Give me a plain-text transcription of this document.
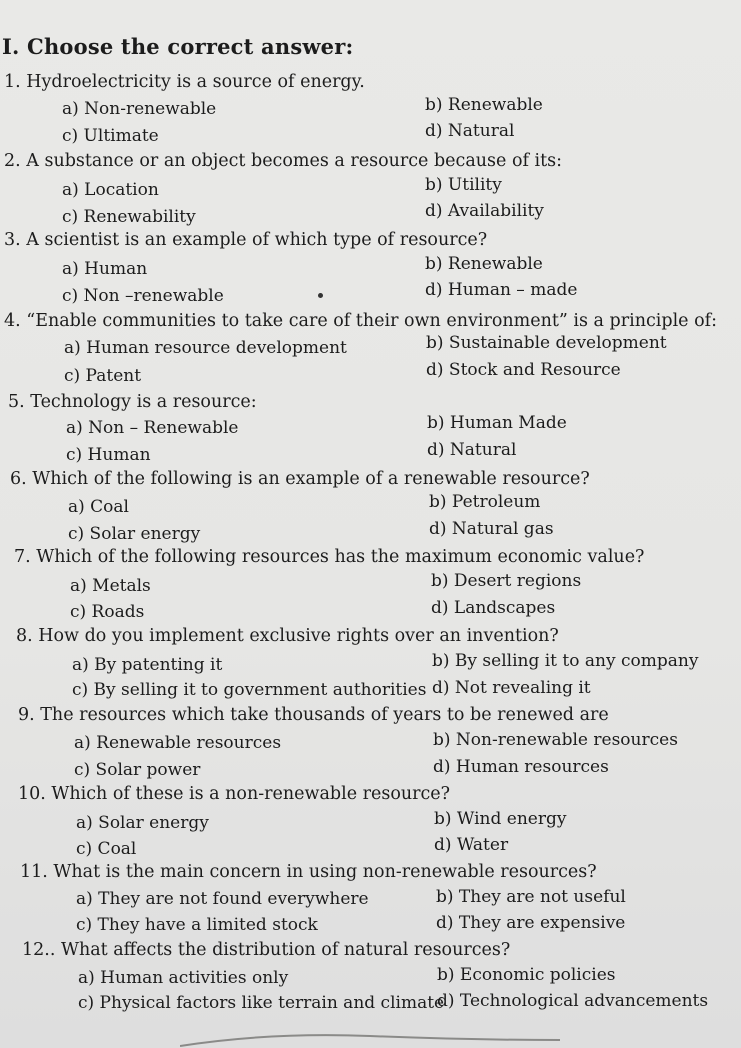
I. Choose the correct answer:
1. Hydroelectricity is a source of energy.
a) Non-renewable	b) Renewable
c) Ultimate	d) Natural
2. A substance or an object becomes a resource because of its:
a) Location	b) Utility
c) Renewability	d) Availability
3. A scientist is an example of which type of resource?
a) Human	b) Renewable
c) Non –renewable	d) Human – made
4. “Enable communities to take care of their own environment” is a principle of:
a) Human resource development	b) Sustainable development
c) Patent	d) Stock and Resource
5. Technology is a resource:
a) Non – Renewable	b) Human Made
c) Human	d) Natural
6. Which of the following is an example of a renewable resource?
a) Coal	b) Petroleum
c) Solar energy	d) Natural gas
7. Which of the following resources has the maximum economic value?
a) Metals	b) Desert regions
c) Roads	d) Landscapes
8. How do you implement exclusive rights over an invention?
a) By patenting it	b) By selling it to any company
c) By selling it to government authorities d) Not revealing it
9. The resources which take thousands of years to be renewed are
a) Renewable resources	b) Non-renewable resources
c) Solar power	d) Human resources
10. Which of these is a non-renewable resource?
a) Solar energy	b) Wind energy
c) Coal	d) Water
11. What is the main concern in using non-renewable resources?
a) They are not found everywhere	b) They are not useful
c) They have a limited stock	d) They are expensive
12.. What affects the distribution of natural resources?
a) Human activities only	b) Economic policies
c) Physical factors like terrain and climate
d) Technological advancements
